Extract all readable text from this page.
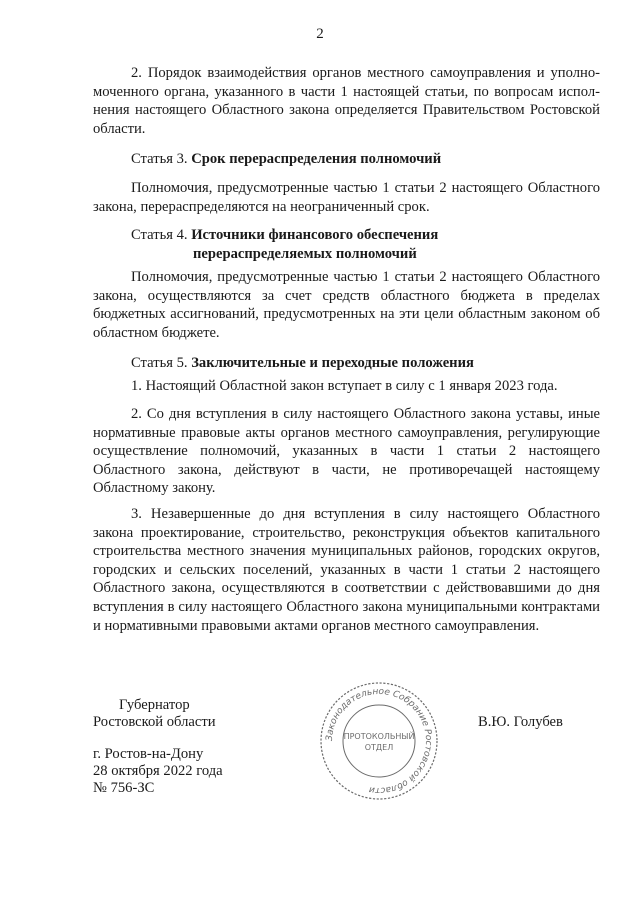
2

2. Порядок взаимодействия органов местного самоуправления и уполномоченного органа, указанного в части 1 настоящей статьи, по вопросам исполнения настоящего Областного закона определяется Правительством Ростовской области.

Статья 3. Срок перераспределения полномочий

Полномочия, предусмотренные частью 1 статьи 2 настоящего Областного закона, перераспределяются на неограниченный срок.

Статья 4. Источники финансового обеспечения
перераспределяемых полномочий

Полномочия, предусмотренные частью 1 статьи 2 настоящего Областного закона, осуществляются за счет средств областного бюджета в пределах бюджетных ассигнований, предусмотренных на эти цели областным законом об областном бюджете.

Статья 5. Заключительные и переходные положения

1. Настоящий Областной закон вступает в силу с 1 января 2023 года.

2. Со дня вступления в силу настоящего Областного закона уставы, иные нормативные правовые акты органов местного самоуправления, регулирующие осуществление полномочий, указанных в части 1 статьи 2 настоящего Областного закона, действуют в части, не противоречащей настоящему Областному закону.

3. Незавершенные до дня вступления в силу настоящего Областного закона проектирование, строительство, реконструкция объектов капитального строительства местного значения муниципальных районов, городских округов, городских и сельских поселений, указанных в части 1 статьи 2 настоящего Областного закона, осуществляются в соответствии с действовавшими до дня вступления в силу настоящего Областного закона муниципальными контрактами и нормативными правовыми актами органов местного самоуправления.

Губернатор
Ростовской области	В.Ю. Голубев
г. Ростов-на-Дону
28 октября 2022 года
№ 756-ЗС
Законодательное Собрание Ростовской области
ПРОТОКОЛЬНЫЙ
ОТДЕЛ
